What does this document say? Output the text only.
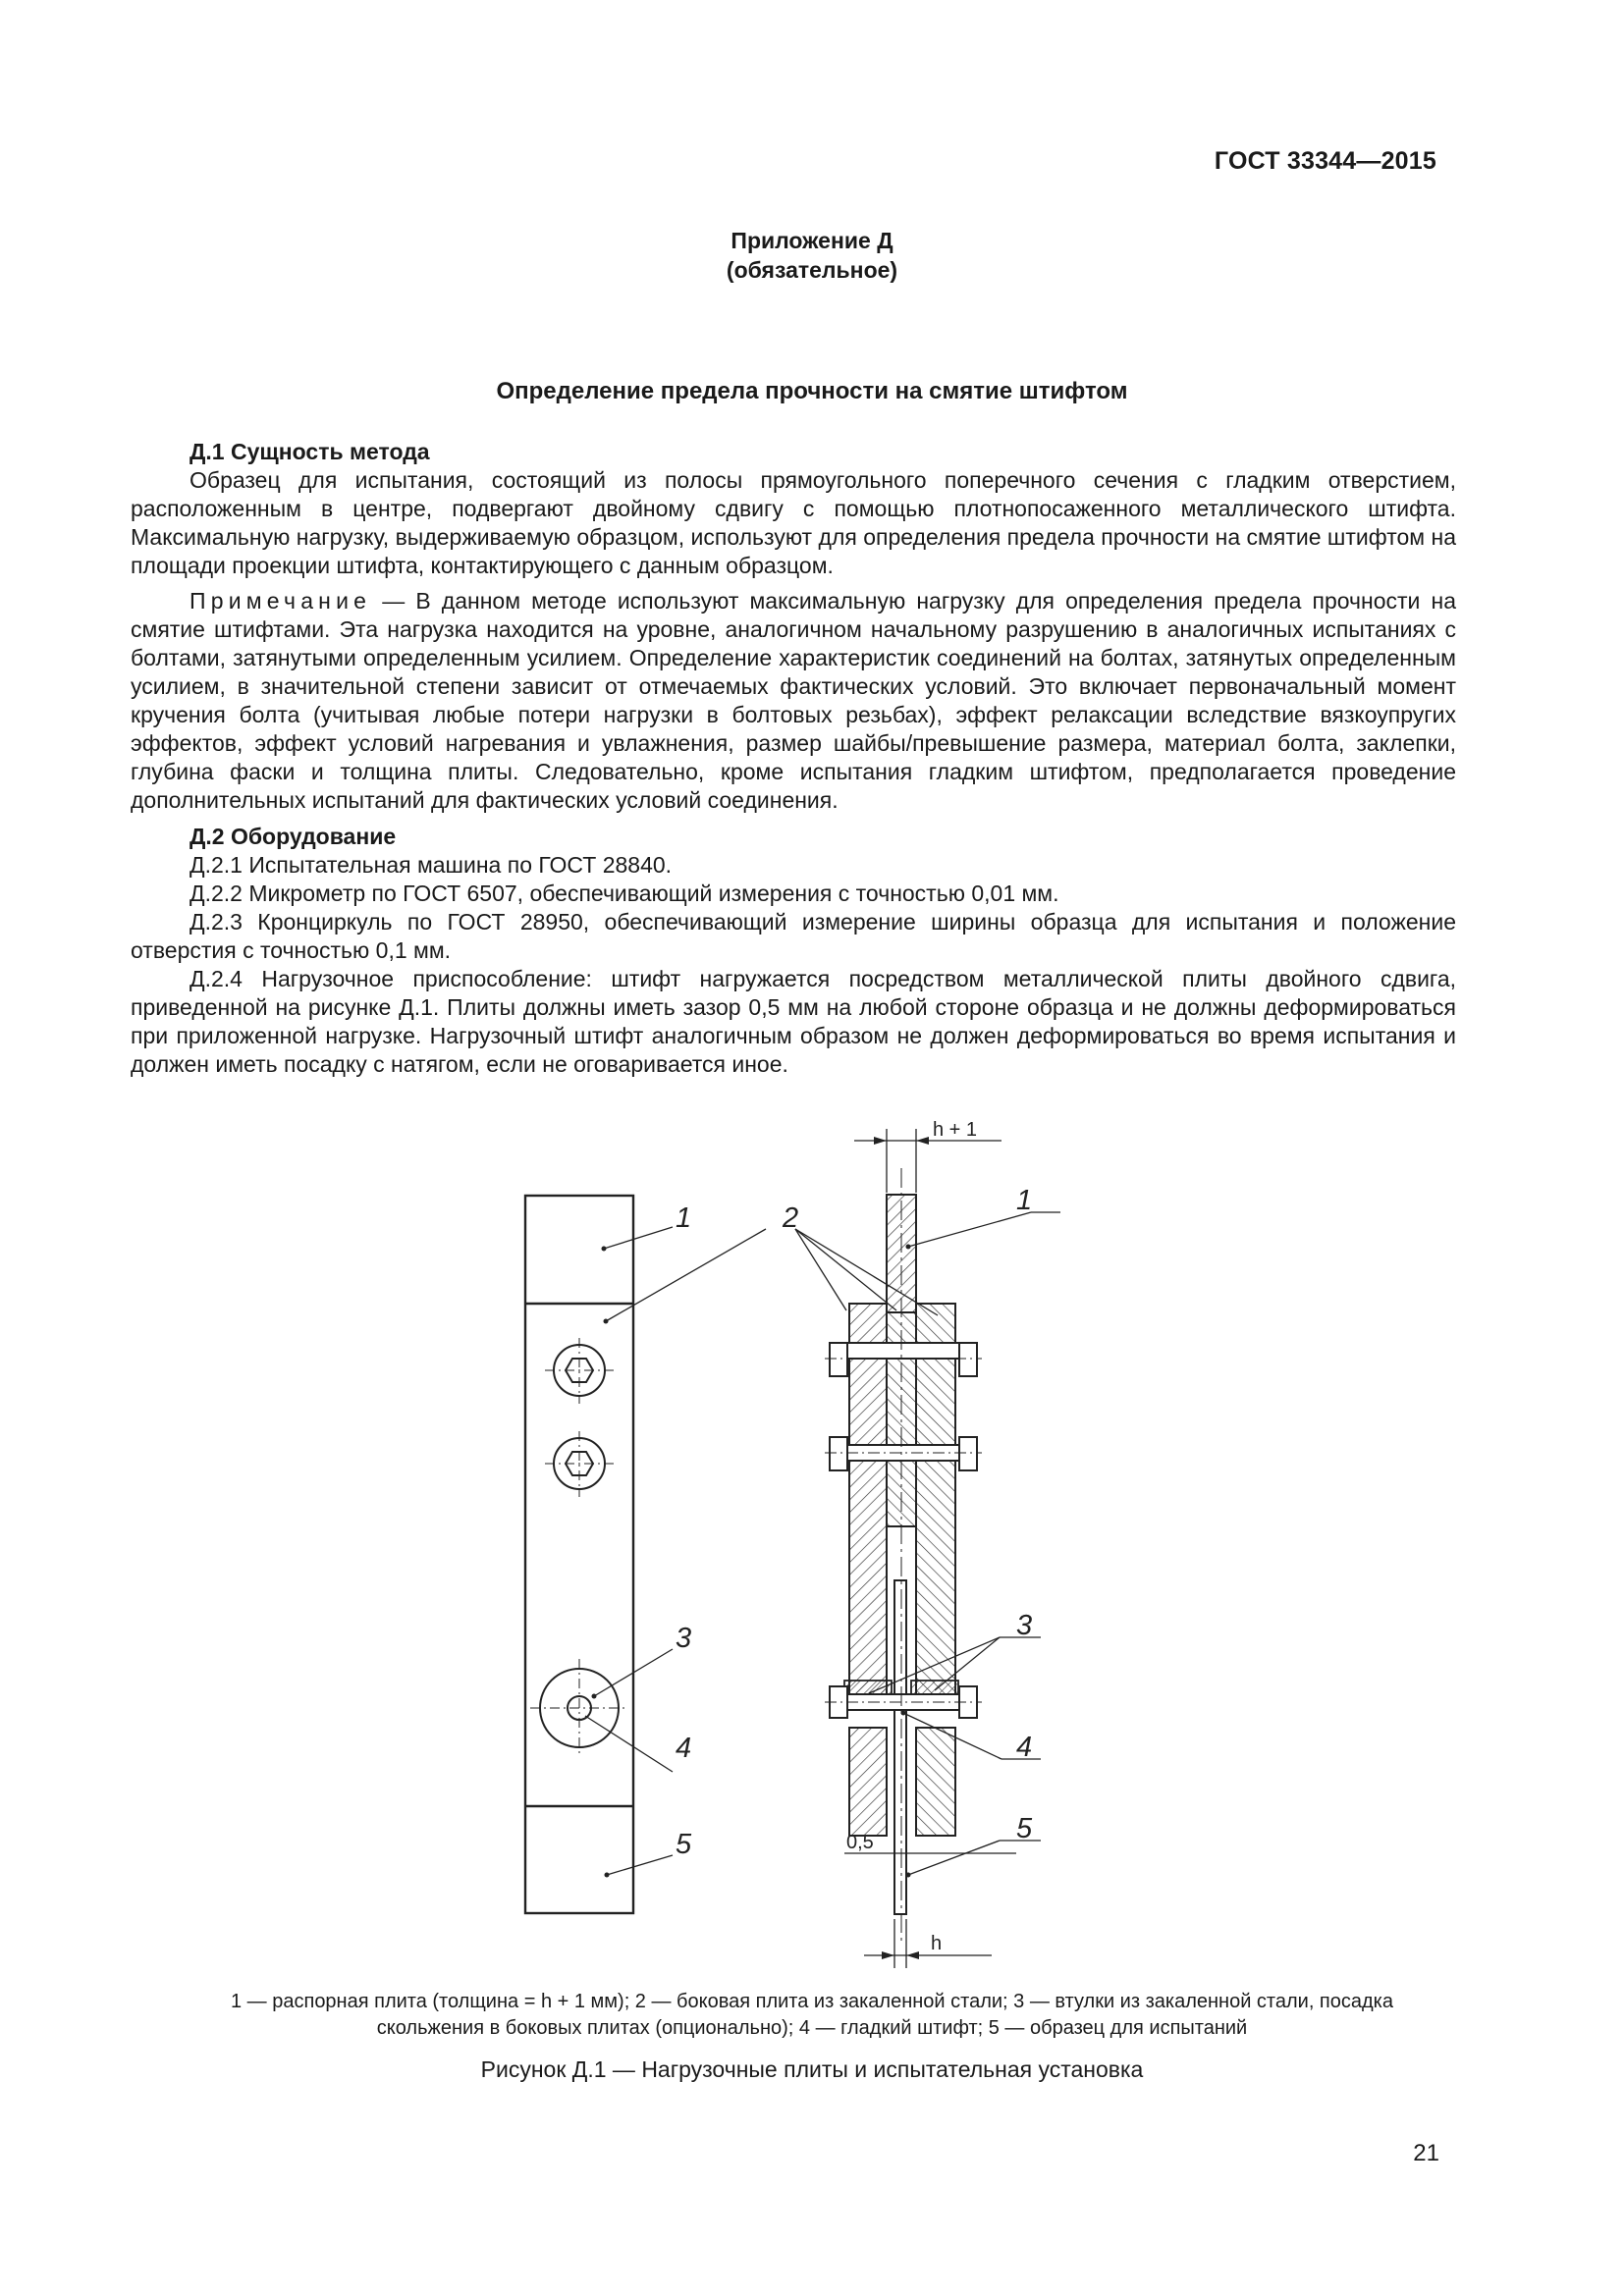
ГОСТ 33344—2015
Приложение Д
(обязательное)
Определение предела прочности на смятие штифтом
Д.1 Сущность метода

Образец для испытания, состоящий из полосы прямоугольного поперечного сечения с гладким отверстием, расположенным в центре, подвергают двойному сдвигу с помощью плотнопосаженного металлического штифта. Максимальную нагрузку, выдерживаемую образцом, используют для определения предела прочности на смятие штифтом на площади проекции штифта, контактирующего с данным образцом.

Примечание — В данном методе используют максимальную нагрузку для определения предела прочности на смятие штифтами. Эта нагрузка находится на уровне, аналогичном начальному разрушению в аналогичных испытаниях с болтами, затянутыми определенным усилием. Определение характеристик соединений на болтах, затянутых определенным усилием, в значительной степени зависит от отмечаемых фактических условий. Это включает первоначальный момент кручения болта (учитывая любые потери нагрузки в болтовых резьбах), эффект релаксации вследствие вязкоупругих эффектов, эффект условий нагревания и увлажнения, размер шайбы/превышение размера, материал болта, заклепки, глубина фаски и толщина плиты. Следовательно, кроме испытания гладким штифтом, предполагается проведение дополнительных испытаний для фактических условий соединения.

Д.2 Оборудование

Д.2.1 Испытательная машина по ГОСТ 28840.

Д.2.2 Микрометр по ГОСТ 6507, обеспечивающий измерения с точностью 0,01 мм.

Д.2.3 Кронциркуль по ГОСТ 28950, обеспечивающий измерение ширины образца для испытания и положение отверстия с точностью 0,1 мм.

Д.2.4 Нагрузочное приспособление: штифт нагружается посредством металлической плиты двойного сдвига, приведенной на рисунке Д.1. Плиты должны иметь зазор 0,5 мм на любой стороне образца и не должны деформироваться при приложенной нагрузке. Нагрузочный штифт аналогичным образом не должен деформироваться во время испытания и должен иметь посадку с натягом, если не оговаривается иное.

1	2
3
4
5
1
3
4
5
h + 1
0,5
h
1 — распорная плита (толщина = h + 1 мм); 2 — боковая плита из закаленной стали; 3 — втулки из закаленной стали, посадка
скольжения в боковых плитах (опционально); 4 — гладкий штифт; 5 — образец для испытаний
Рисунок Д.1 — Нагрузочные плиты и испытательная установка
21
